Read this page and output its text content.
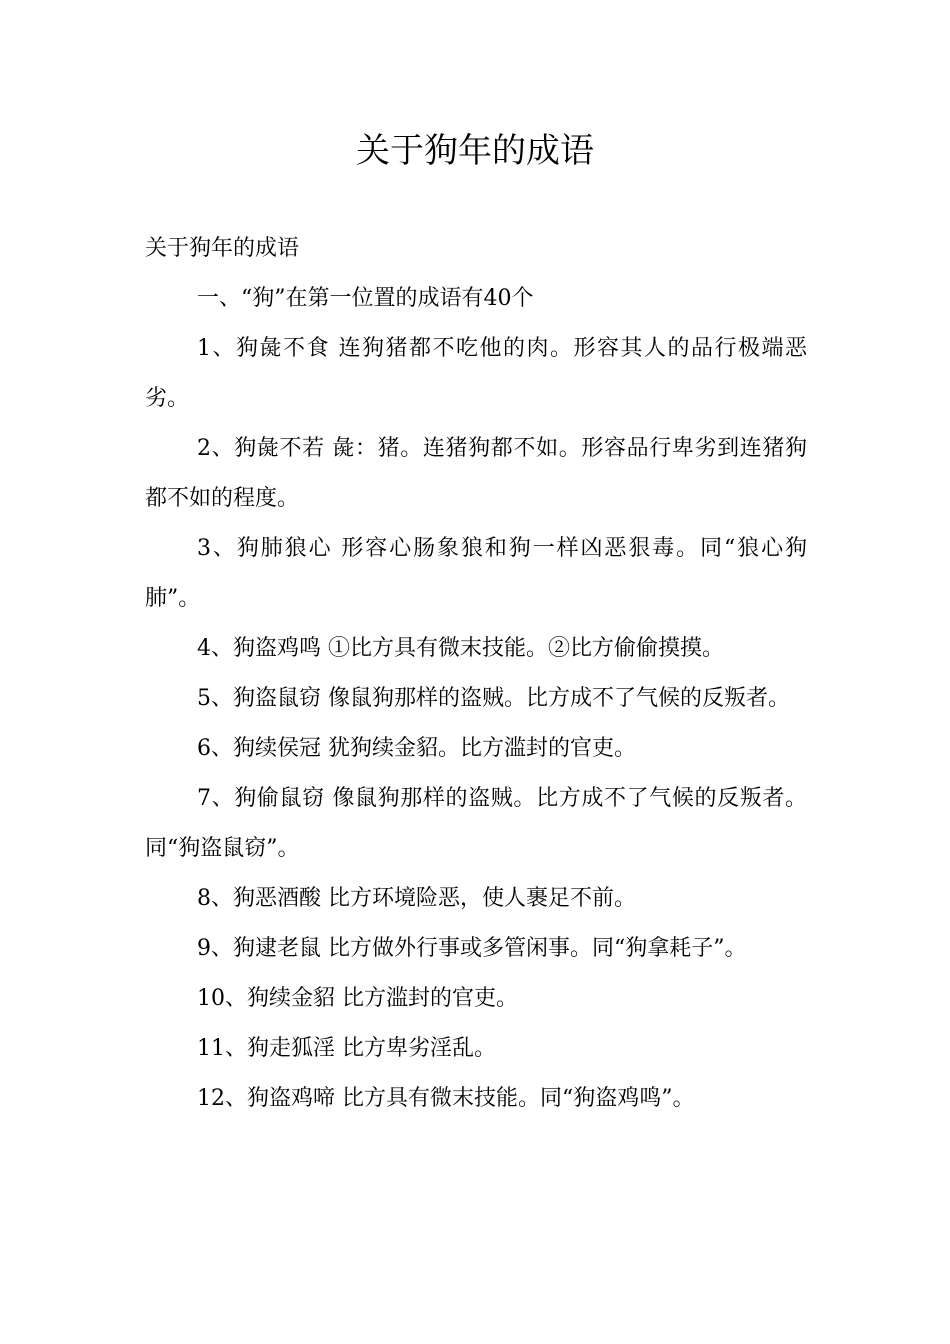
关于狗年的成语

关于狗年的成语

一、“狗”在第一位置的成语有40个

1、狗彘不食 连狗猪都不吃他的肉。形容其人的品行极端恶劣。

2、狗彘不若 彘：猪。连猪狗都不如。形容品行卑劣到连猪狗都不如的程度。

3、狗肺狼心 形容心肠象狼和狗一样凶恶狠毒。同“狼心狗肺”。

4、狗盗鸡鸣 ①比方具有微末技能。②比方偷偷摸摸。

5、狗盗鼠窃 像鼠狗那样的盗贼。比方成不了气候的反叛者。

6、狗续侯冠 犹狗续金貂。比方滥封的官吏。

7、狗偷鼠窃 像鼠狗那样的盗贼。比方成不了气候的反叛者。同“狗盗鼠窃”。

8、狗恶酒酸 比方环境险恶，使人裹足不前。

9、狗逮老鼠 比方做外行事或多管闲事。同“狗拿耗子”。

10、狗续金貂 比方滥封的官吏。

11、狗走狐淫 比方卑劣淫乱。

12、狗盗鸡啼 比方具有微末技能。同“狗盗鸡鸣”。
